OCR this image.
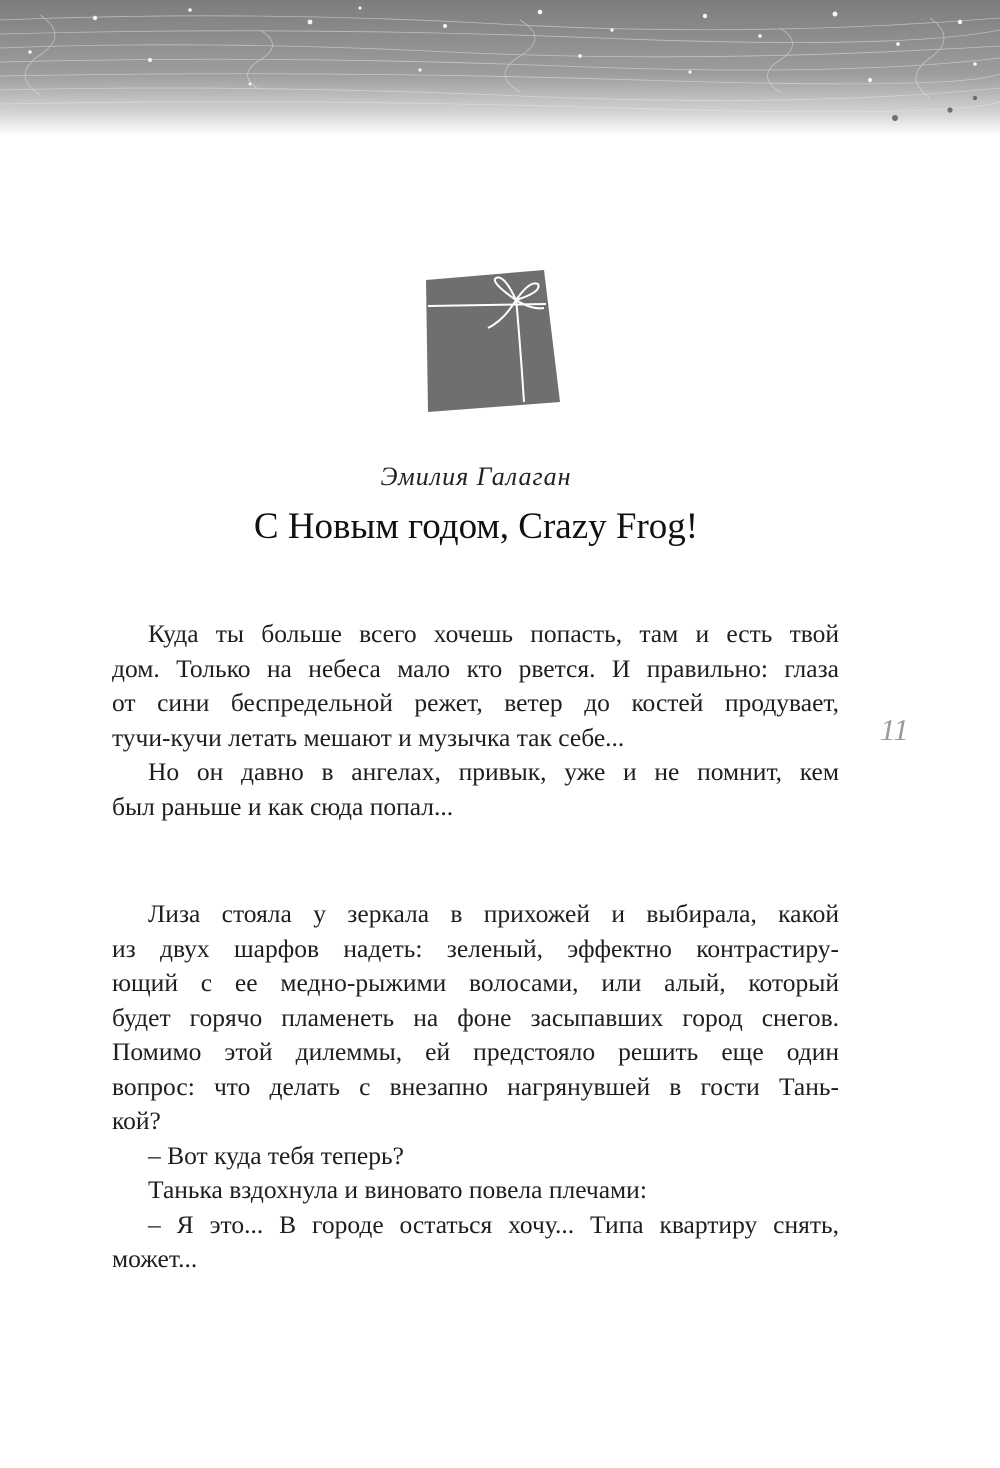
Эмилия Галаган
С Новым годом, Crazy Frog!
11
Куда ты больше всего хочешь попасть, там и есть твой
дом. Только на небеса мало кто рвется. И правильно: глаза
от сини беспредельной режет, ветер до костей продувает,
тучи-кучи летать мешают и музычка так себе...
Но он давно в ангелах, привык, уже и не помнит, кем
был раньше и как сюда попал...
Лиза стояла у зеркала в прихожей и выбирала, какой
из двух шарфов надеть: зеленый, эффектно контрастиру-
ющий с ее медно-рыжими волосами, или алый, который
будет горячо пламенеть на фоне засыпавших город снегов.
Помимо этой дилеммы, ей предстояло решить еще один
вопрос: что делать с внезапно нагрянувшей в гости Тань-
кой?
– Вот куда тебя теперь?
Танька вздохнула и виновато повела плечами:
– Я это... В городе остаться хочу... Типа квартиру снять,
может...
